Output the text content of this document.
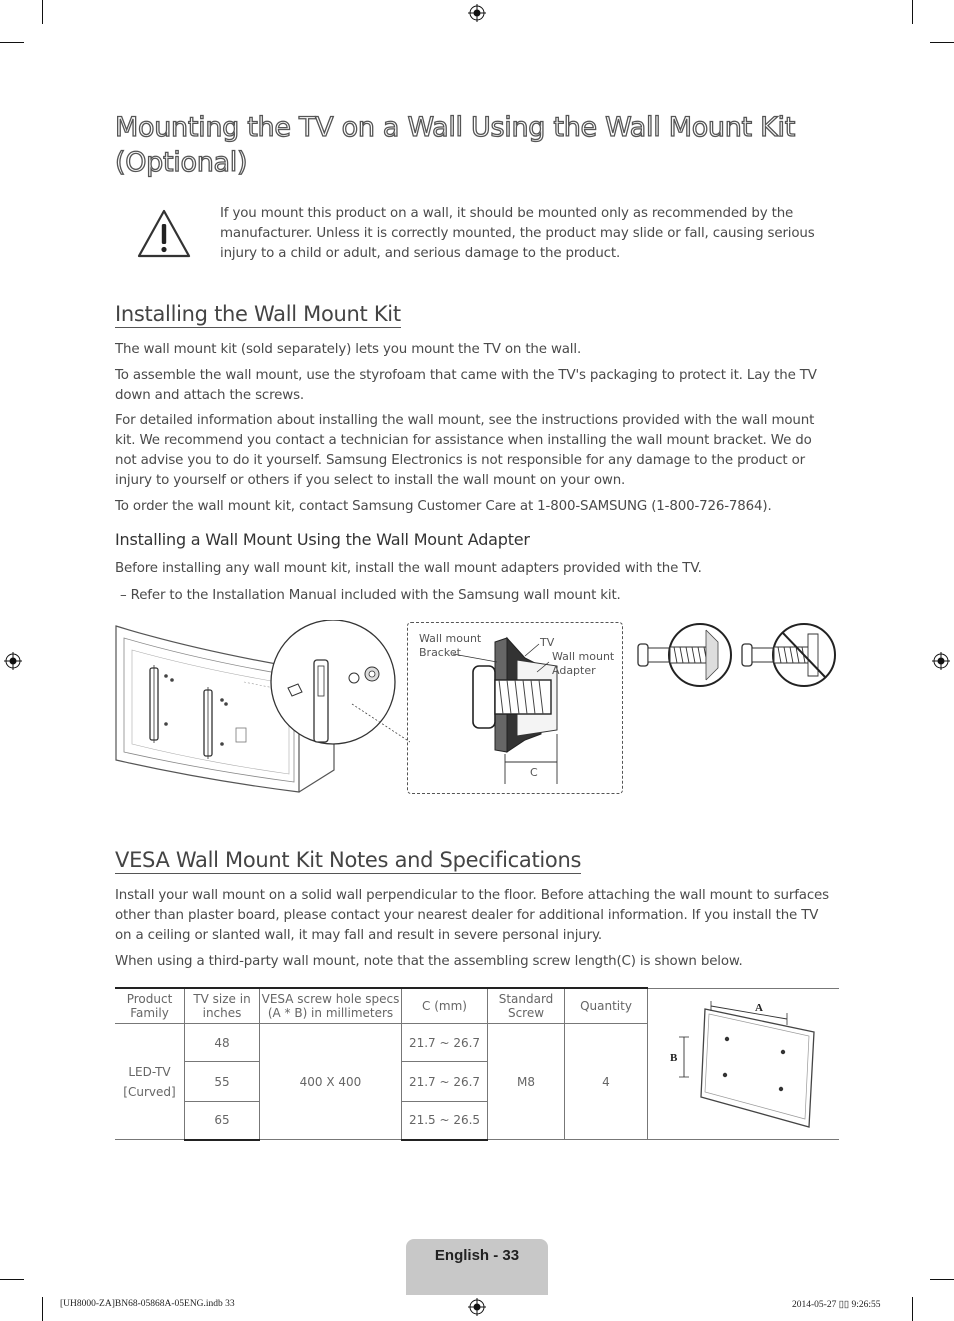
Mounting the TV on a Wall Using the Wall Mount Kit (Optional)

If you mount this product on a wall, it should be mounted only as recommended by the manufacturer. Unless it is correctly mounted, the product may slide or fall, causing serious injury to a child or adult, and serious damage to the product.

Installing the Wall Mount Kit

The wall mount kit (sold separately) lets you mount the TV on the wall.

To assemble the wall mount, use the styrofoam that came with the TV's packaging to protect it. Lay the TV down and attach the screws.

For detailed information about installing the wall mount, see the instructions provided with the wall mount kit. We recommend you contact a technician for assistance when installing the wall mount bracket. We do not advise you to do it yourself. Samsung Electronics is not responsible for any damage to the product or injury to yourself or others if you select to install the wall mount on your own.

To order the wall mount kit, contact Samsung Customer Care at 1-800-SAMSUNG (1-800-726-7864).

Installing a Wall Mount Using the Wall Mount Adapter

Before installing any wall mount kit, install the wall mount adapters provided with the TV.

– Refer to the Installation Manual included with the Samsung wall mount kit.

Wall mount
Bracket
TV
Wall mount
Adapter
C
VESA Wall Mount Kit Notes and Specifications

Install your wall mount on a solid wall perpendicular to the floor. Before attaching the wall mount to surfaces other than plaster board, please contact your nearest dealer for additional information. If you install the TV on a ceiling or slanted wall, it may fall and result in severe personal injury.

When using a third-party wall mount, note that the assembling screw length(C) is shown below.

Product
Family	TV size in
inches	VESA screw hole specs
(A * B) in millimeters	C (mm)	Standard
Screw	Quantity	A
B

LED-TV
[Curved]	48	400 X 400	21.7 ~ 26.7	M8	4	
	55		21.7 ~ 26.7			
	65		21.5 ~ 26.5			
English - 33
[UH8000-ZA]BN68-05868A-05ENG.indb 33	2014-05-27 ▯▯ 9:26:55
